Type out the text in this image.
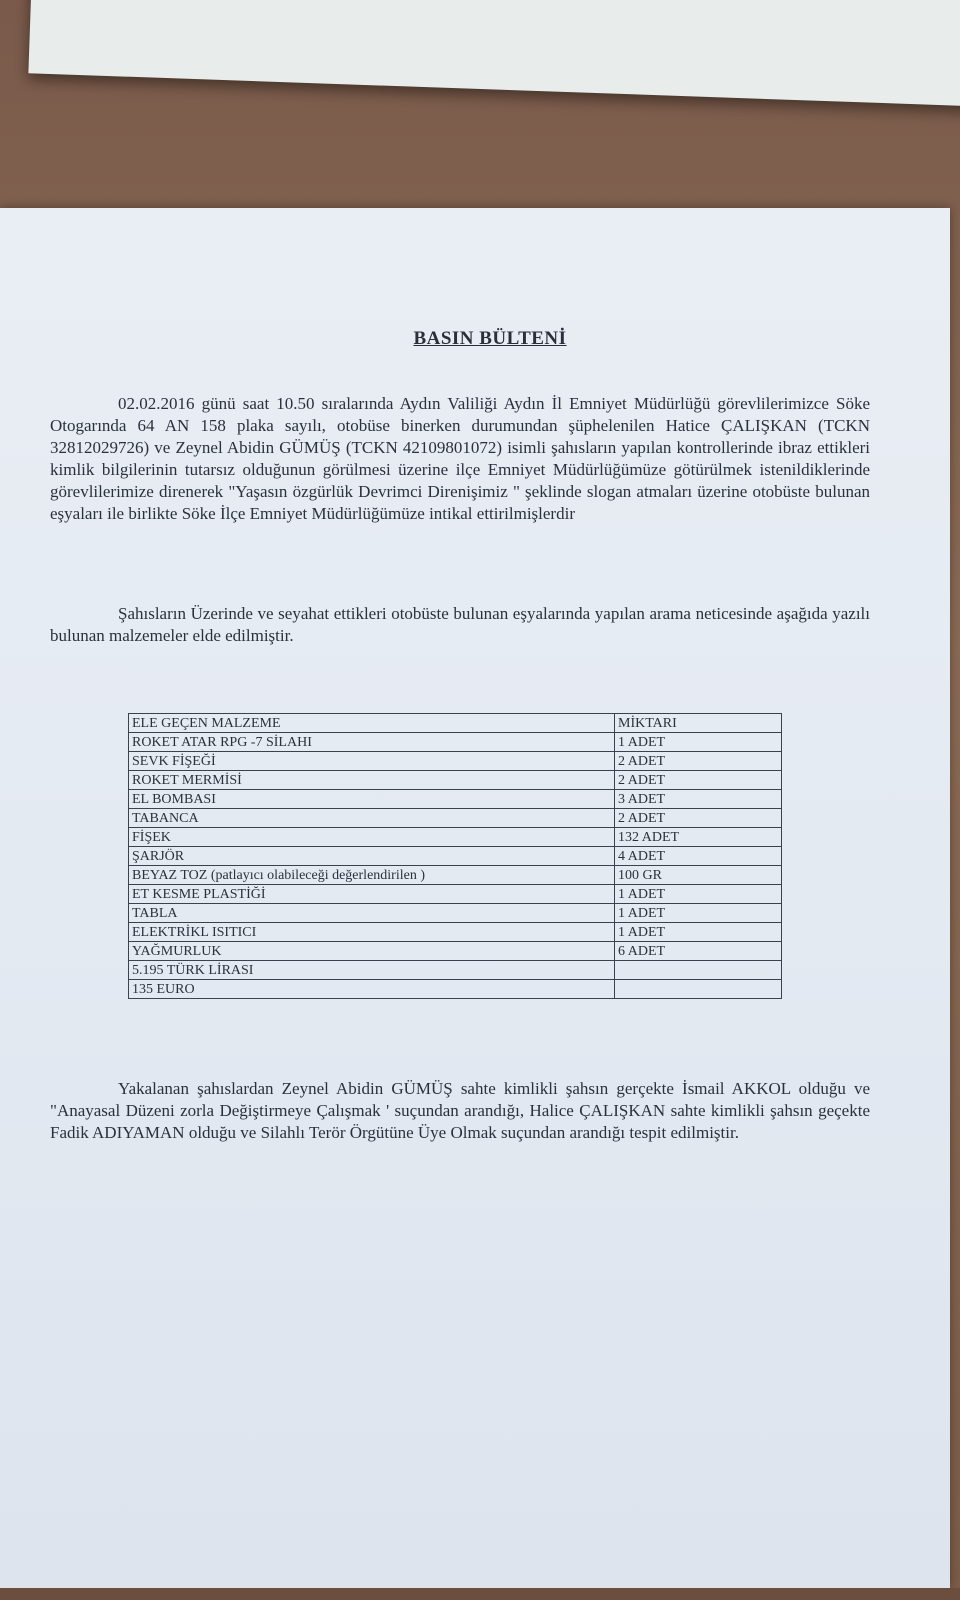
BASIN BÜLTENİ
02.02.2016 günü saat 10.50 sıralarında Aydın Valiliği Aydın İl Emniyet Müdürlüğü görevlilerimizce Söke Otogarında 64 AN 158 plaka sayılı, otobüse binerken durumundan şüphelenilen Hatice ÇALIŞKAN (TCKN 32812029726) ve Zeynel Abidin GÜMÜŞ (TCKN 42109801072) isimli şahısların yapılan kontrollerinde ibraz ettikleri kimlik bilgilerinin tutarsız olduğunun görülmesi üzerine ilçe Emniyet Müdürlüğümüze götürülmek istenildiklerinde görevlilerimize direnerek "Yaşasın özgürlük Devrimci Direnişimiz " şeklinde slogan atmaları üzerine otobüste bulunan eşyaları ile birlikte Söke İlçe Emniyet Müdürlüğümüze intikal ettirilmişlerdir
Şahısların Üzerinde ve seyahat ettikleri otobüste bulunan eşyalarında yapılan arama neticesinde aşağıda yazılı bulunan malzemeler elde edilmiştir.
ELE GEÇEN MALZEME	MİKTARI
ROKET ATAR RPG -7 SİLAHI	1 ADET
SEVK FİŞEĞİ	2 ADET
ROKET MERMİSİ	2 ADET
EL BOMBASI	3 ADET
TABANCA	2 ADET
FİŞEK	132 ADET
ŞARJÖR	4 ADET
BEYAZ TOZ (patlayıcı olabileceği değerlendirilen )	100 GR
ET KESME PLASTİĞİ	1 ADET
TABLA	1 ADET
ELEKTRİKL ISITICI	1 ADET
YAĞMURLUK	6 ADET
5.195 TÜRK LİRASI	
135 EURO	
Yakalanan şahıslardan Zeynel Abidin GÜMÜŞ sahte kimlikli şahsın gerçekte İsmail AKKOL olduğu ve "Anayasal Düzeni zorla Değiştirmeye Çalışmak ' suçundan arandığı, Halice ÇALIŞKAN sahte kimlikli şahsın geçekte Fadik ADIYAMAN olduğu ve Silahlı Terör Örgütüne Üye Olmak suçundan arandığı tespit edilmiştir.
